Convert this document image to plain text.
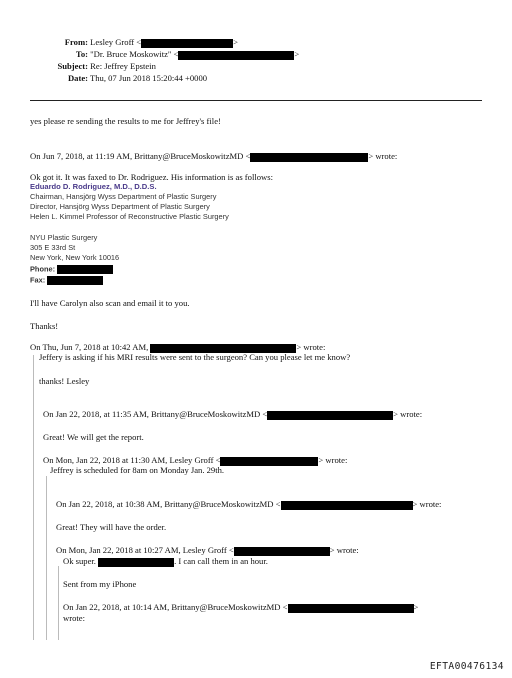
From: Lesley Groff <	>
To: "Dr. Bruce Moskowitz" <	>
Subject: Re: Jeffrey Epstein
Date: Thu, 07 Jun 2018 15:20:44 +0000
yes please re sending the results to me for Jeffrey's file!
On Jun 7, 2018, at 11:19 AM, Brittany@BruceMoskowitzMD <	> wrote:
Ok got it. It was faxed to Dr. Rodriguez. His information is as follows:
Eduardo D. Rodriguez, M.D., D.D.S.
Chairman, Hansjörg Wyss Department of Plastic Surgery
Director, Hansjörg Wyss Department of Plastic Surgery
Helen L. Kimmel Professor of Reconstructive Plastic Surgery
NYU Plastic Surgery
305 E 33rd St
New York, New York 10016
Phone:
Fax:
I'll have Carolyn also scan and email it to you.
Thanks!
On Thu, Jun 7, 2018 at 10:42 AM,	> wrote:
Jeffery is asking if his MRI results were sent to the surgeon? Can you please let me know?
thanks! Lesley
On Jan 22, 2018, at 11:35 AM, Brittany@BruceMoskowitzMD <	> wrote:
Great! We will get the report.
On Mon, Jan 22, 2018 at 11:30 AM, Lesley Groff <	> wrote:
Jeffrey is scheduled for 8am on Monday Jan. 29th.
On Jan 22, 2018, at 10:38 AM, Brittany@BruceMoskowitzMD <	> wrote:
Great! They will have the order.
On Mon, Jan 22, 2018 at 10:27 AM, Lesley Groff <	> wrote:
Ok super.	. I can call them in an hour.
Sent from my iPhone
On Jan 22, 2018, at 10:14 AM, Brittany@BruceMoskowitzMD <	>
wrote:
EFTA00476134
